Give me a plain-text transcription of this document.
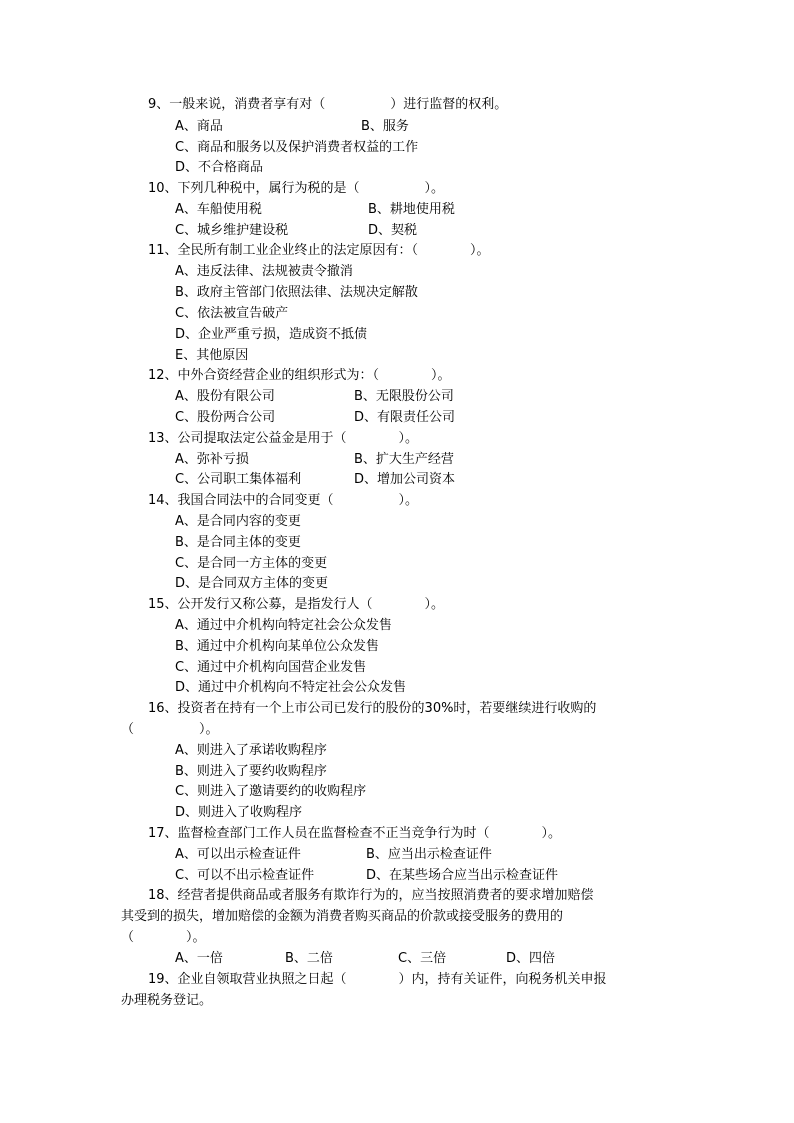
9、一般来说，消费者享有对（　　　　　）进行监督的权利。
A、商品	B、服务
C、商品和服务以及保护消费者权益的工作
D、不合格商品
10、下列几种税中，属行为税的是（　　　　　）。
A、车船使用税	B、耕地使用税
C、城乡维护建设税	D、契税
11、全民所有制工业企业终止的法定原因有：（　　　　）。
A、违反法律、法规被责令撤消
B、政府主管部门依照法律、法规决定解散
C、依法被宣告破产
D、企业严重亏损，造成资不抵债
E、其他原因
12、中外合资经营企业的组织形式为：（　　　　）。
A、股份有限公司	B、无限股份公司
C、股份两合公司	D、有限责任公司
13、公司提取法定公益金是用于（　　　　）。
A、弥补亏损	B、扩大生产经营
C、公司职工集体福利	D、增加公司资本
14、我国合同法中的合同变更（　　　　　）。
A、是合同内容的变更
B、是合同主体的变更
C、是合同一方主体的变更
D、是合同双方主体的变更
15、公开发行又称公募，是指发行人（　　　　）。
A、通过中介机构向特定社会公众发售
B、通过中介机构向某单位公众发售
C、通过中介机构向国营企业发售
D、通过中介机构向不特定社会公众发售
16、投资者在持有一个上市公司已发行的股份的30%时，若要继续进行收购的
（　　　　　）。
A、则进入了承诺收购程序
B、则进入了要约收购程序
C、则进入了邀请要约的收购程序
D、则进入了收购程序
17、监督检查部门工作人员在监督检查不正当竞争行为时（　　　　）。
A、可以出示检查证件	B、应当出示检查证件
C、可以不出示检查证件	D、在某些场合应当出示检查证件
18、经营者提供商品或者服务有欺诈行为的，应当按照消费者的要求增加赔偿
其受到的损失，增加赔偿的金额为消费者购买商品的价款或接受服务的费用的
（　　　　）。
A、一倍	B、二倍	C、三倍	D、四倍
19、企业自领取营业执照之日起（　　　　）内，持有关证件，向税务机关申报
办理税务登记。
